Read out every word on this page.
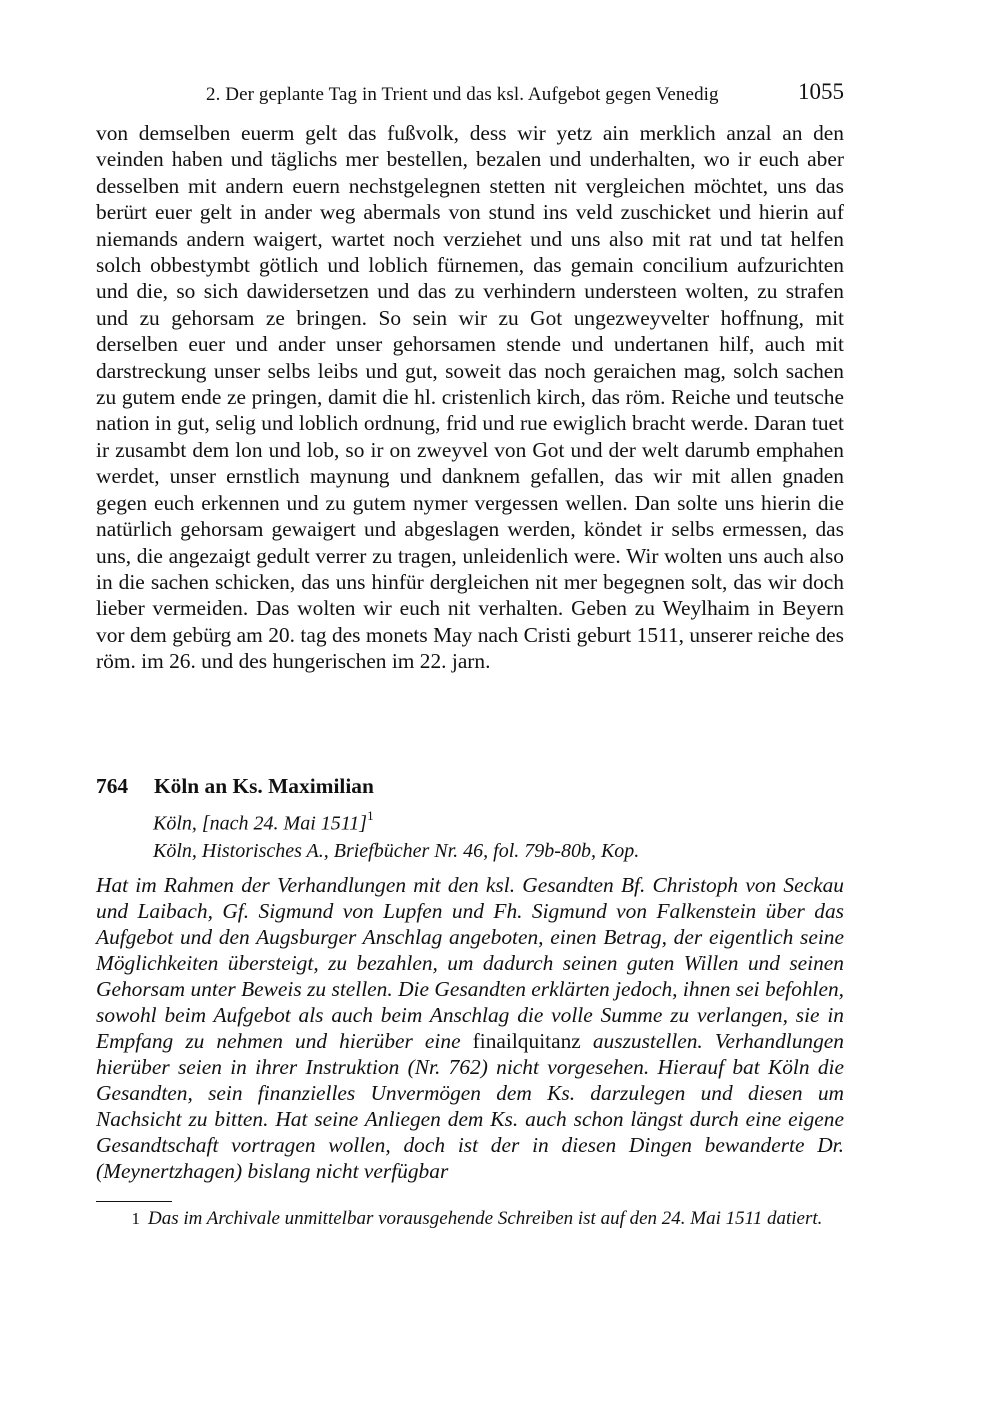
2. Der geplante Tag in Trient und das ksl. Aufgebot gegen Venedig	1055

von demselben euerm gelt das fußvolk, dess wir yetz ain merklich anzal an den veinden haben und täglichs mer bestellen, bezalen und underhalten, wo ir euch aber desselben mit andern euern nechstgelegnen stetten nit vergleichen möchtet, uns das berürt euer gelt in ander weg abermals von stund ins veld zuschicket und hierin auf niemands andern waigert, wartet noch verziehet und uns also mit rat und tat helfen solch obbestymbt götlich und loblich fürnemen, das gemain concilium aufzurichten und die, so sich dawidersetzen und das zu verhindern understeen wolten, zu strafen und zu gehorsam ze bringen. So sein wir zu Got ungezweyvelter hoffnung, mit derselben euer und ander unser gehorsamen stende und undertanen hilf, auch mit darstreckung unser selbs leibs und gut, soweit das noch geraichen mag, solch sachen zu gutem ende ze pringen, damit die hl. cristenlich kirch, das röm. Reiche und teutsche nation in gut, selig und loblich ordnung, frid und rue ewiglich bracht werde. Daran tuet ir zusambt dem lon und lob, so ir on zweyvel von Got und der welt darumb emphahen werdet, unser ernstlich maynung und danknem gefallen, das wir mit allen gnaden gegen euch erkennen und zu gutem nymer vergessen wellen. Dan solte uns hierin die natürlich gehorsam gewaigert und abgeslagen werden, köndet ir selbs ermessen, das uns, die angezaigt gedult verrer zu tragen, unleidenlich were. Wir wolten uns auch also in die sachen schicken, das uns hinfür dergleichen nit mer begegnen solt, das wir doch lieber vermeiden. Das wolten wir euch nit verhalten. Geben zu Weylhaim in Beyern vor dem gebürg am 20. tag des monets May nach Cristi geburt 1511, unserer reiche des röm. im 26. und des hungerischen im 22. jarn.

764 Köln an Ks. Maximilian
Köln, [nach 24. Mai 1511]$^1$
Köln, Historisches A., Briefbücher Nr. 46, fol. 79b-80b, Kop.

Hat im Rahmen der Verhandlungen mit den ksl. Gesandten Bf. Christoph von Seckau und Laibach, Gf. Sigmund von Lupfen und Fh. Sigmund von Falkenstein über das Aufgebot und den Augsburger Anschlag angeboten, einen Betrag, der eigentlich seine Möglichkeiten übersteigt, zu bezahlen, um dadurch seinen guten Willen und seinen Gehorsam unter Beweis zu stellen. Die Gesandten erklärten jedoch, ihnen sei befohlen, sowohl beim Aufgebot als auch beim Anschlag die volle Summe zu verlangen, sie in Empfang zu nehmen und hierüber eine finailquitanz auszustellen. Verhandlungen hierüber seien in ihrer Instruktion (Nr. 762) nicht vorgesehen. Hierauf bat Köln die Gesandten, sein finanzielles Unvermögen dem Ks. darzulegen und diesen um Nachsicht zu bitten. Hat seine Anliegen dem Ks. auch schon längst durch eine eigene Gesandtschaft vortragen wollen, doch ist der in diesen Dingen bewanderte Dr. (Meynertzhagen) bislang nicht verfügbar

1 Das im Archivale unmittelbar vorausgehende Schreiben ist auf den 24. Mai 1511 datiert.
